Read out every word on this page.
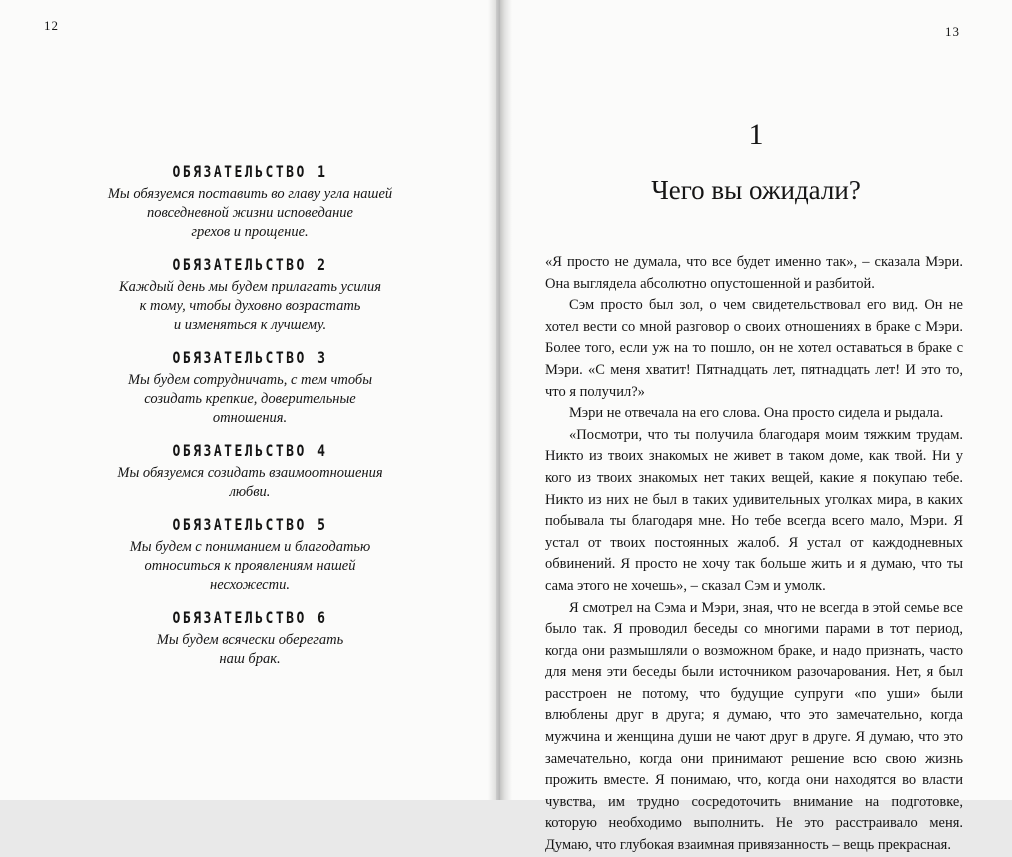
12
ОБЯЗАТЕЛЬСТВО 1
Мы обязуемся поставить во главу угла нашей
повседневной жизни исповедание
грехов и прощение.
ОБЯЗАТЕЛЬСТВО 2
Каждый день мы будем прилагать усилия
к тому, чтобы духовно возрастать
и изменяться к лучшему.
ОБЯЗАТЕЛЬСТВО 3
Мы будем сотрудничать, с тем чтобы
созидать крепкие, доверительные
отношения.
ОБЯЗАТЕЛЬСТВО 4
Мы обязуемся созидать взаимоотношения
любви.
ОБЯЗАТЕЛЬСТВО 5
Мы будем с пониманием и благодатью
относиться к проявлениям нашей
несхожести.
ОБЯЗАТЕЛЬСТВО 6
Мы будем всячески оберегать
наш брак.
13
1
Чего вы ожидали?

«Я просто не думала, что все будет именно так», – сказала Мэри. Она выглядела абсолютно опустошенной и разбитой.

Сэм просто был зол, о чем свидетельствовал его вид. Он не хотел вести со мной разговор о своих отношениях в браке с Мэри. Более того, если уж на то пошло, он не хотел оставаться в браке с Мэри. «С меня хватит! Пятнадцать лет, пятнадцать лет! И это то, что я получил?»

Мэри не отвечала на его слова. Она просто сидела и рыдала.

«Посмотри, что ты получила благодаря моим тяжким трудам. Никто из твоих знакомых не живет в таком доме, как твой. Ни у кого из твоих знакомых нет таких вещей, какие я покупаю тебе. Никто из них не был в таких удивительных уголках мира, в каких побывала ты благодаря мне. Но тебе всегда всего мало, Мэри. Я устал от твоих постоянных жалоб. Я устал от каждодневных обвинений. Я просто не хочу так больше жить и я думаю, что ты сама этого не хочешь», – сказал Сэм и умолк.

Я смотрел на Сэма и Мэри, зная, что не всегда в этой семье все было так. Я проводил беседы со многими парами в тот период, когда они размышляли о возможном браке, и надо признать, часто для меня эти беседы были источником разочарования. Нет, я был расстроен не потому, что будущие супруги «по уши» были влюблены друг в друга; я думаю, что это замечательно, когда мужчина и женщина души не чают друг в друге. Я думаю, что это замечательно, когда они принимают решение всю свою жизнь прожить вместе. Я понимаю, что, когда они находятся во власти чувства, им трудно сосредоточить внимание на подготовке, которую необходимо выполнить. Не это расстраивало меня. Думаю, что глубокая взаимная привязанность – вещь прекрасная.
